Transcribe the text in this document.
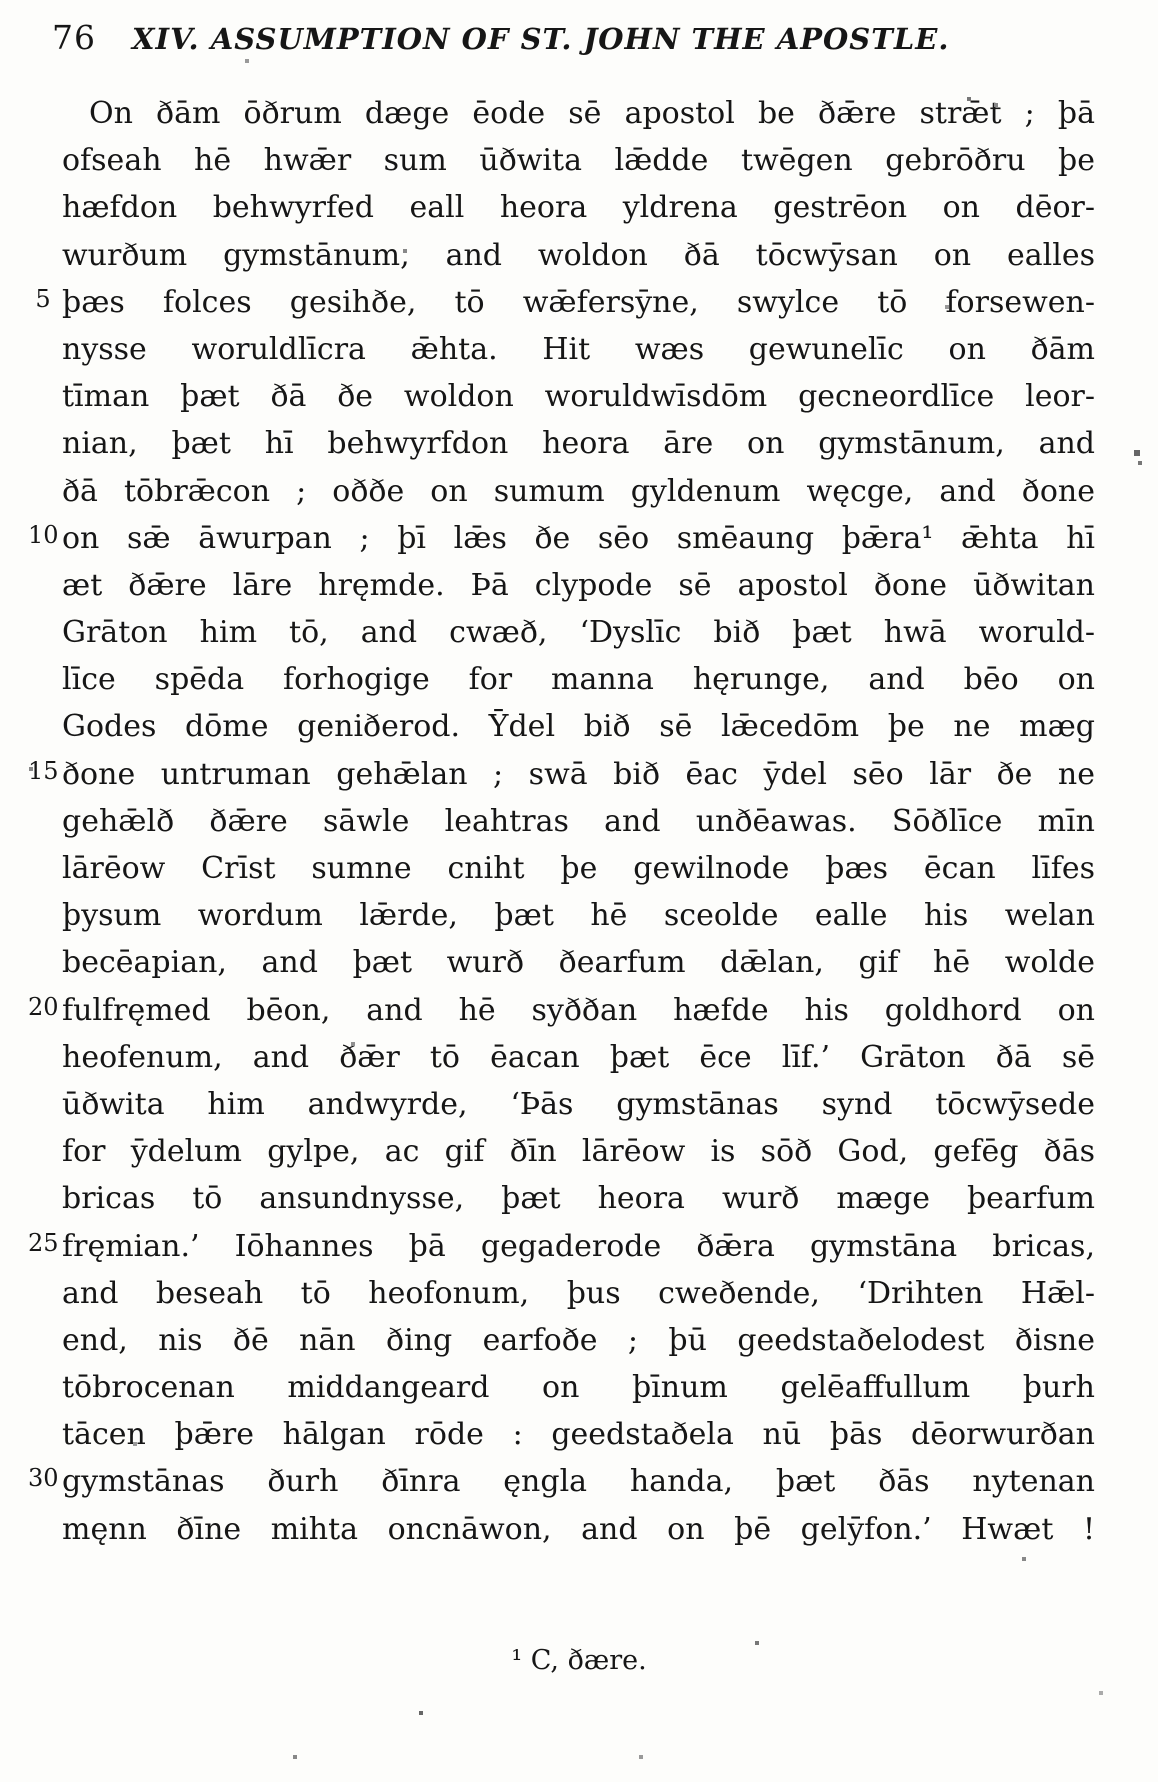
76 XIV. ASSUMPTION OF ST. JOHN THE APOSTLE.
On ðām ōðrum dæge ēode sē apostol be ðǣre strǣt ; þā
ofseah hē hwǣr sum ūðwita lǣdde twēgen gebrōðru þe
hæfdon behwyrfed eall heora yldrena gestrēon on dēor-
wurðum gymstānum, and woldon ðā tōcwȳsan on ealles
5 þæs folces gesihðe, tō wǣfersȳne, swylce tō forsewen-
nysse woruldlīcra ǣhta. Hit wæs gewunelīc on ðām
tīman þæt ðā ðe woldon woruldwīsdōm gecneordlīce leor-
nian, þæt hī behwyrfdon heora āre on gymstānum, and
ðā tōbrǣcon ; oððe on sumum gyldenum węcge, and ðone
10 on sǣ āwurpan ; þī lǣs ðe sēo smēaung þǣra¹ ǣhta hī
æt ðǣre lāre hręmde. Þā clypode sē apostol ðone ūðwitan
Grāton him tō, and cwæð, ‘Dyslīc bið þæt hwā woruld-
līce spēda forhogige for manna hęrunge, and bēo on
Godes dōme geniðerod. Ȳdel bið sē lǣcedōm þe ne mæg
15 ðone untruman gehǣlan ; swā bið ēac ȳdel sēo lār ðe ne
gehǣlð ðǣre sāwle leahtras and unðēawas. Sōðlīce mīn
lārēow Crīst sumne cniht þe gewilnode þæs ēcan līfes
þysum wordum lǣrde, þæt hē sceolde ealle his welan
becēapian, and þæt wurð ðearfum dǣlan, gif hē wolde
20 fulfręmed bēon, and hē syððan hæfde his goldhord on
heofenum, and ðǣr tō ēacan þæt ēce līf.’ Grāton ðā sē
ūðwita him andwyrde, ‘Þās gymstānas synd tōcwȳsede
for ȳdelum gylpe, ac gif ðīn lārēow is sōð God, gefēg ðās
bricas tō ansundnysse, þæt heora wurð mæge þearfum
25 fręmian.’ Iōhannes þā gegaderode ðǣra gymstāna bricas,
and beseah tō heofonum, þus cweðende, ‘Drihten Hǣl-
end, nis ðē nān ðing earfoðe ; þū geedstaðelodest ðisne
tōbrocenan middangeard on þīnum gelēaffullum þurh
tācen þǣre hālgan rōde : geedstaðela nū þās dēorwurðan
30 gymstānas ðurh ðīnra ęngla handa, þæt ðās nytenan
męnn ðīne mihta oncnāwon, and on þē gelȳfon.’ Hwæt !
¹ C, ðære.
